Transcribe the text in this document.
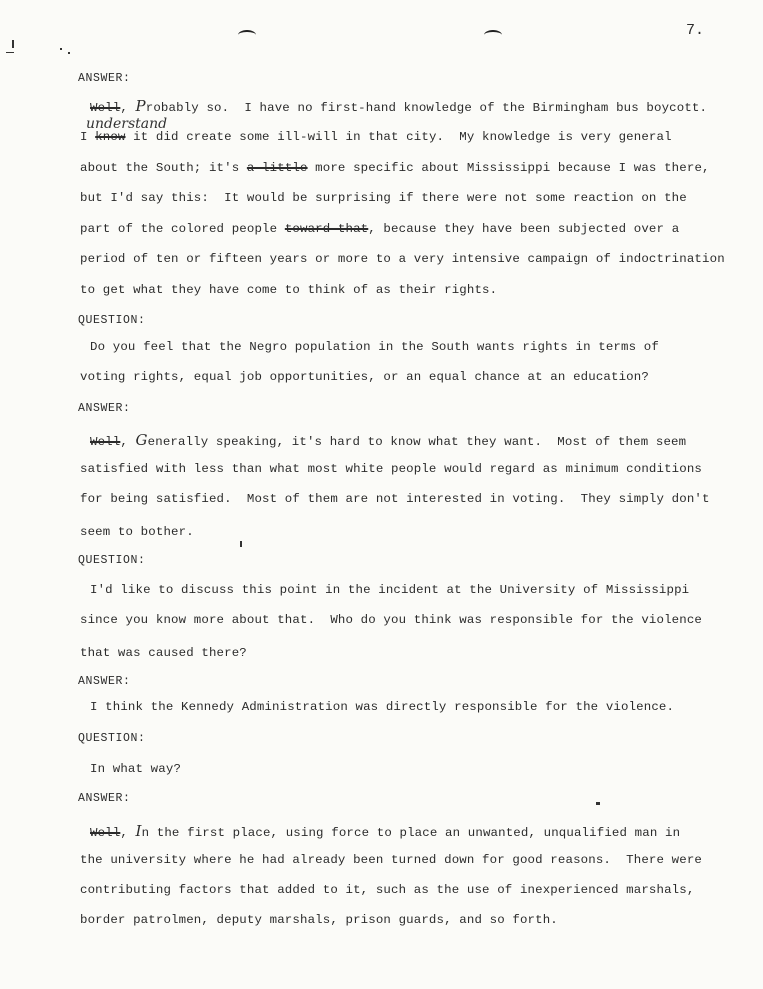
7.
understand
ANSWER:
Well, Probably so.  I have no first-hand knowledge of the Birmingham bus boycott.
I know it did create some ill-will in that city.  My knowledge is very general
about the South; it's a little more specific about Mississippi because I was there,
but I'd say this:  It would be surprising if there were not some reaction on the
part of the colored people toward that, because they have been subjected over a
period of ten or fifteen years or more to a very intensive campaign of indoctrination
to get what they have come to think of as their rights.
QUESTION:
Do you feel that the Negro population in the South wants rights in terms of
voting rights, equal job opportunities, or an equal chance at an education?
ANSWER:
Well, Generally speaking, it's hard to know what they want.  Most of them seem
satisfied with less than what most white people would regard as minimum conditions
for being satisfied.  Most of them are not interested in voting.  They simply don't
seem to bother.
QUESTION:
I'd like to discuss this point in the incident at the University of Mississippi
since you know more about that.  Who do you think was responsible for the violence
that was caused there?
ANSWER:
I think the Kennedy Administration was directly responsible for the violence.
QUESTION:
In what way?
ANSWER:
Well, In the first place, using force to place an unwanted, unqualified man in
the university where he had already been turned down for good reasons.  There were
contributing factors that added to it, such as the use of inexperienced marshals,
border patrolmen, deputy marshals, prison guards, and so forth.
